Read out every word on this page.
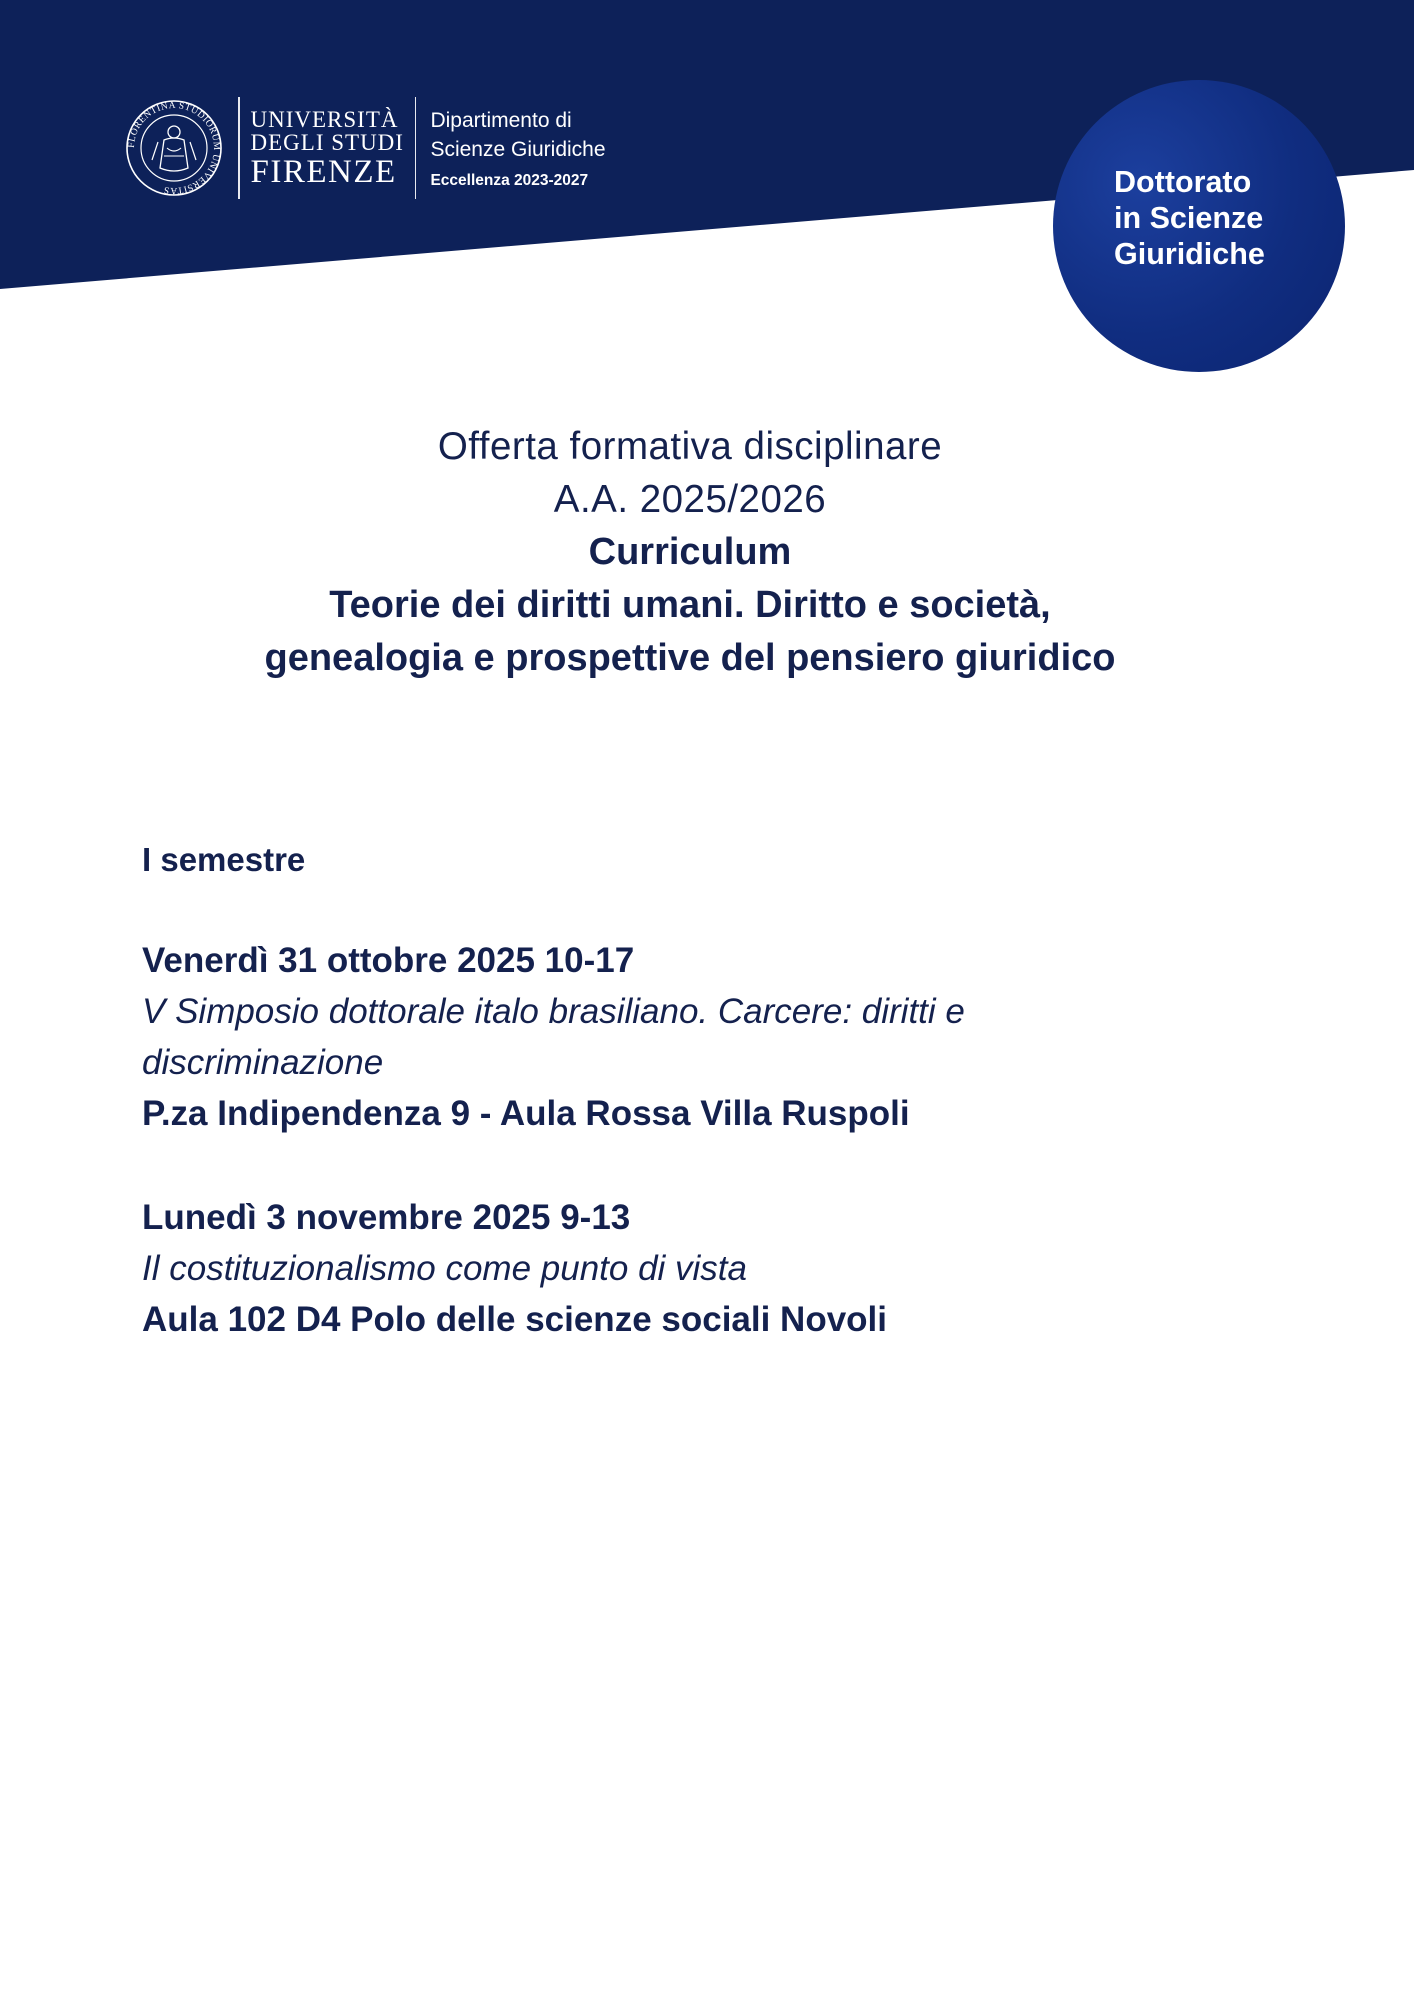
FLORENTINA STUDIORUM UNIVERSITAS
UNIVERSITÀ
DEGLI STUDI
FIRENZE
Dipartimento di
Scienze Giuridiche
Eccellenza 2023-2027	Dottorato
in Scienze
Giuridiche
Offerta formativa disciplinare
A.A. 2025/2026
Curriculum
Teorie dei diritti umani. Diritto e società,
genealogia e prospettive del pensiero giuridico
I semestre
Venerdì 31 ottobre 2025 10-17
V Simposio dottorale italo brasiliano. Carcere: diritti e discriminazione
P.za Indipendenza 9 - Aula Rossa Villa Ruspoli
Lunedì 3 novembre 2025 9-13
Il costituzionalismo come punto di vista
Aula 102 D4 Polo delle scienze sociali Novoli
